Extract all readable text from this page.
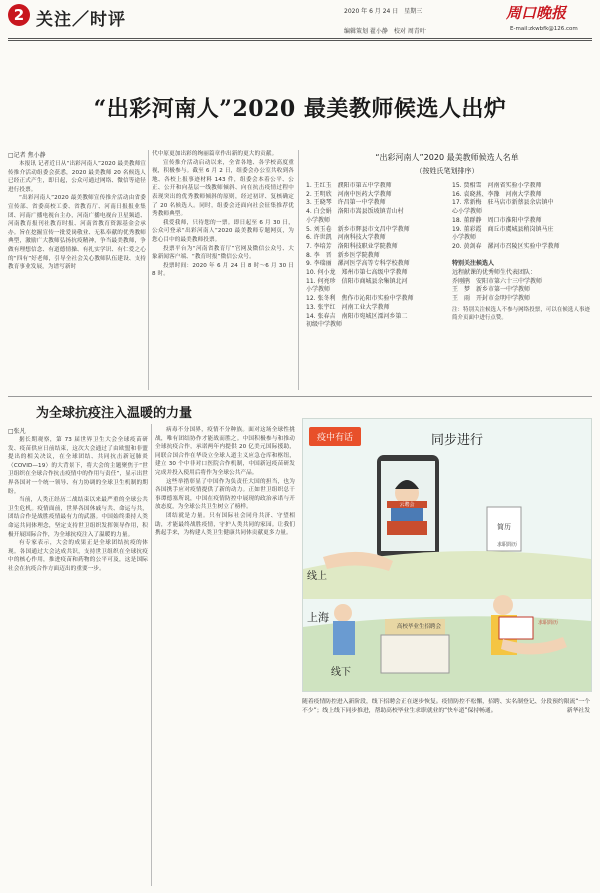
2 关注／时评	2020 年 6 月 24 日　星期三	周口晚报
编辑策划 翟小静　校对 周青叶	E-mail:zkwbfk@126.com
“出彩河南人”2020 最美教师候选人出炉
□记者 焦小静

本报讯 记者近日从“出彩河南人”2020 最美教师宣传推介活动组委会获悉，2020 最美教师 20 名候选人已经正式产生，即日起，公众可通过网络、微信等途径进行投票。

“出彩河南人”2020 最美教师宣传推介活动由省委宣传部、省委高校工委、省教育厅、河南日报报业集团、河南广播电视台主办，河南广播电视台卫星频道、河南教育报刊社教育时报、河南省教育资源基金会承办。旨在挖掘宣传一批爱岗敬业、无私奉献的优秀教师典型，激励广大教师弘扬抗疫精神，争当最美教师，争做有理想信念、有道德情操、有扎实学识、有仁爱之心的“四有”好老师，引导全社会关心教师队伍建设、支持教育事业发展，为谱写新时

代中原更加出彩的绚丽篇章作出新的更大的贡献。

宣传推介活动启动以来，全省各地、各学校高度重视，积极参与。截至 6 月 2 日，组委会办公室共收到各地、各校上报事迹材料 143 件，组委会本着公平、公正、公开和向基层一线教师倾斜、向在抗击疫情过程中表现突出的优秀教师倾斜的原则，经过初评、复核确定了 20 名候选人。同时，组委会还面向社会征集推荐优秀教师典型。

我爱我师，只待您的一票。即日起至 6 月 30 日，公众可登录“出彩河南人”2020 最美教师专题网页，为您心目中的最美教师投票。

投票平台为“河南省教育厅”官网及微信公众号、大象新闻客户端、“教育时报”微信公众号。

投票时间：2020 年 6 月 24 日 8 时～6 月 30 日 8 时。

“出彩河南人”2020 最美教师候选人名单
（按姓氏笔划排序）
1. 王红玉　濮阳市第五中学教师
2. 王明欣　河南中医药大学教师
3. 王晓琴　许昌第一中学教师
4. 白会娟　洛阳市嵩县饭坡镇青山村
小学教师
5. 刘玉卷　新乡市辉县市文昌中学教师
6. 许世凯　河南科技大学教师
7. 李培芳　洛阳科技职业学院教师
8. 李　晋　新乡医学院教师
9. 李瑞丽　漯河医学高等专科学校教师
10. 何小龙　郑州市第七高级中学教师
11. 何亮珍　信阳市商城县余集镇北河
小学教师
12. 张冬利　焦作市沁阳市实验中学教师
13. 张宇红　河南工业大学教师
14. 张春吉　南阳市宛城区溧河乡第二
初级中学教师
15. 贾相雪　河南省实验小学教师
16. 袁晓燕、李豫　河南大学教师
17. 常新梅　驻马店市新蔡县余店镇中
心小学教师
18. 董群静　周口市淮阳中学教师
19. 董彩霞　商丘市虞城县稍岗镇马庄
小学教师
20. 黄剑春　漯河市召陵区实验中学教师
特别关注候选人
远程献课的优秀师生代表团队：
乔刚鹃　安阳市第六十三中学教师
王　梦　新乡市第一中学教师
王　雨　开封市金明中学教师
注：特别关注候选人不参与网络投票，可以在候选人事迹简介页面中进行点赞。
为全球抗疫注入温暖的力量
□张凡

据长期观察，第 73 届世界卫生大会全球疫苗研发、疫苗供应日前结束，这次大会通过了由欧盟和非盟提出的相关决议，在全球团结、共同抗击新冠肺炎（COVID—19）的大背景下，将大会的主题聚焦于“世卫组织在全球合作抗击疫情中的作用与责任”，显示出世界各国对一个统一领导、有力协调的全球卫生机制的期盼。

当前，人类正经历二战结束以来最严重的全球公共卫生危机。疫情面前，世界各国休戚与共、命运与共，团结合作是战胜疫情最有力的武器。中国始终秉持人类命运共同体理念，坚定支持世卫组织发挥领导作用，积极开展国际合作，为全球抗疫注入了温暖的力量。

有专家表示，大会的成果正是全球团结抗疫的体现。各国通过大会达成共识，支持世卫组织在全球抗疫中的核心作用，推进疫苗和药物的公平可及，这是国际社会在抗疫合作方面迈出的重要一步。

病毒不分国界，疫情不分种族。面对这场全球性挑战，唯有团结协作才能战而胜之。中国积极参与和推动全球抗疫合作，承诺两年内提供 20 亿美元国际援助，同联合国合作在华设立全球人道主义应急仓库和枢纽，建立 30 个中非对口医院合作机制，中国新冠疫苗研发完成并投入使用后将作为全球公共产品。

这些举措彰显了中国作为负责任大国的担当，也为各国携手应对疫情提供了新的动力。正如世卫组织总干事谭德塞所说，中国在疫情防控中展现的政治承诺与开放态度，为全球公共卫生树立了榜样。

团结就是力量。只有国际社会同舟共济、守望相助，才能最终战胜疫情，守护人类共同的家园。让我们携起手来，为构建人类卫生健康共同体贡献更多力量。

疫中有话	同步进行
简历
线上
上海
线下
云聘会
高校毕业生招聘会
求职简历
求职简历
随着疫情防控进入新阶段，线下招聘会正在逐步恢复。疫情防控不松懈，招聘、实名制登记、分段预约限流“一个不少”；线上线下同步推进，帮助高校毕业生求职就业的“快车道”保持畅通。	新华社发
